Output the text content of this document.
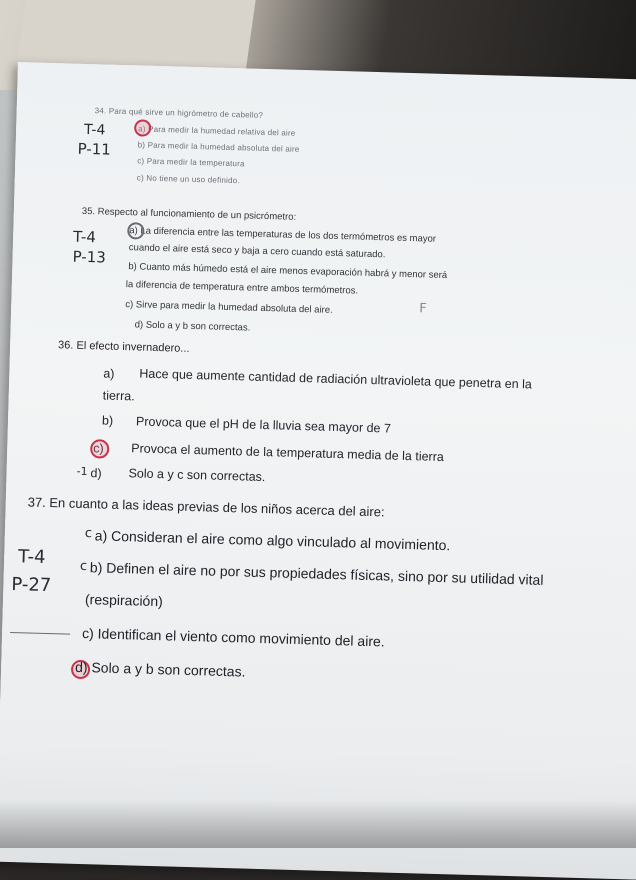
34. Para qué sirve un higrómetro de cabello?
a) Para medir la humedad relativa del aire
b) Para medir la humedad absoluta del aire
c) Para medir la temperatura
c) No tiene un uso definido.
T-4
P-11
35. Respecto al funcionamiento de un psicrómetro:
a) La diferencia entre las temperaturas de los dos termómetros es mayor
cuando el aire está seco y baja a cero cuando está saturado.
b) Cuanto más húmedo está el aire menos evaporación habrá y menor será
la diferencia de temperatura entre ambos termómetros.
c) Sirve para medir la humedad absoluta del aire.
d) Solo a y b son correctas.
F
T-4
P-13
36. El efecto invernadero...
a) Hace que aumente cantidad de radiación ultravioleta que penetra en la
tierra.
b) Provoca que el pH de la lluvia sea mayor de 7
c) Provoca el aumento de la temperatura media de la tierra
-1 d) Solo a y c son correctas.
37. En cuanto a las ideas previas de los niños acerca del aire:
c a) Consideran el aire como algo vinculado al movimiento.
c b) Definen el aire no por sus propiedades físicas, sino por su utilidad vital
(respiración)
c) Identifican el viento como movimiento del aire.
d) Solo a y b son correctas.
T-4
P-27
